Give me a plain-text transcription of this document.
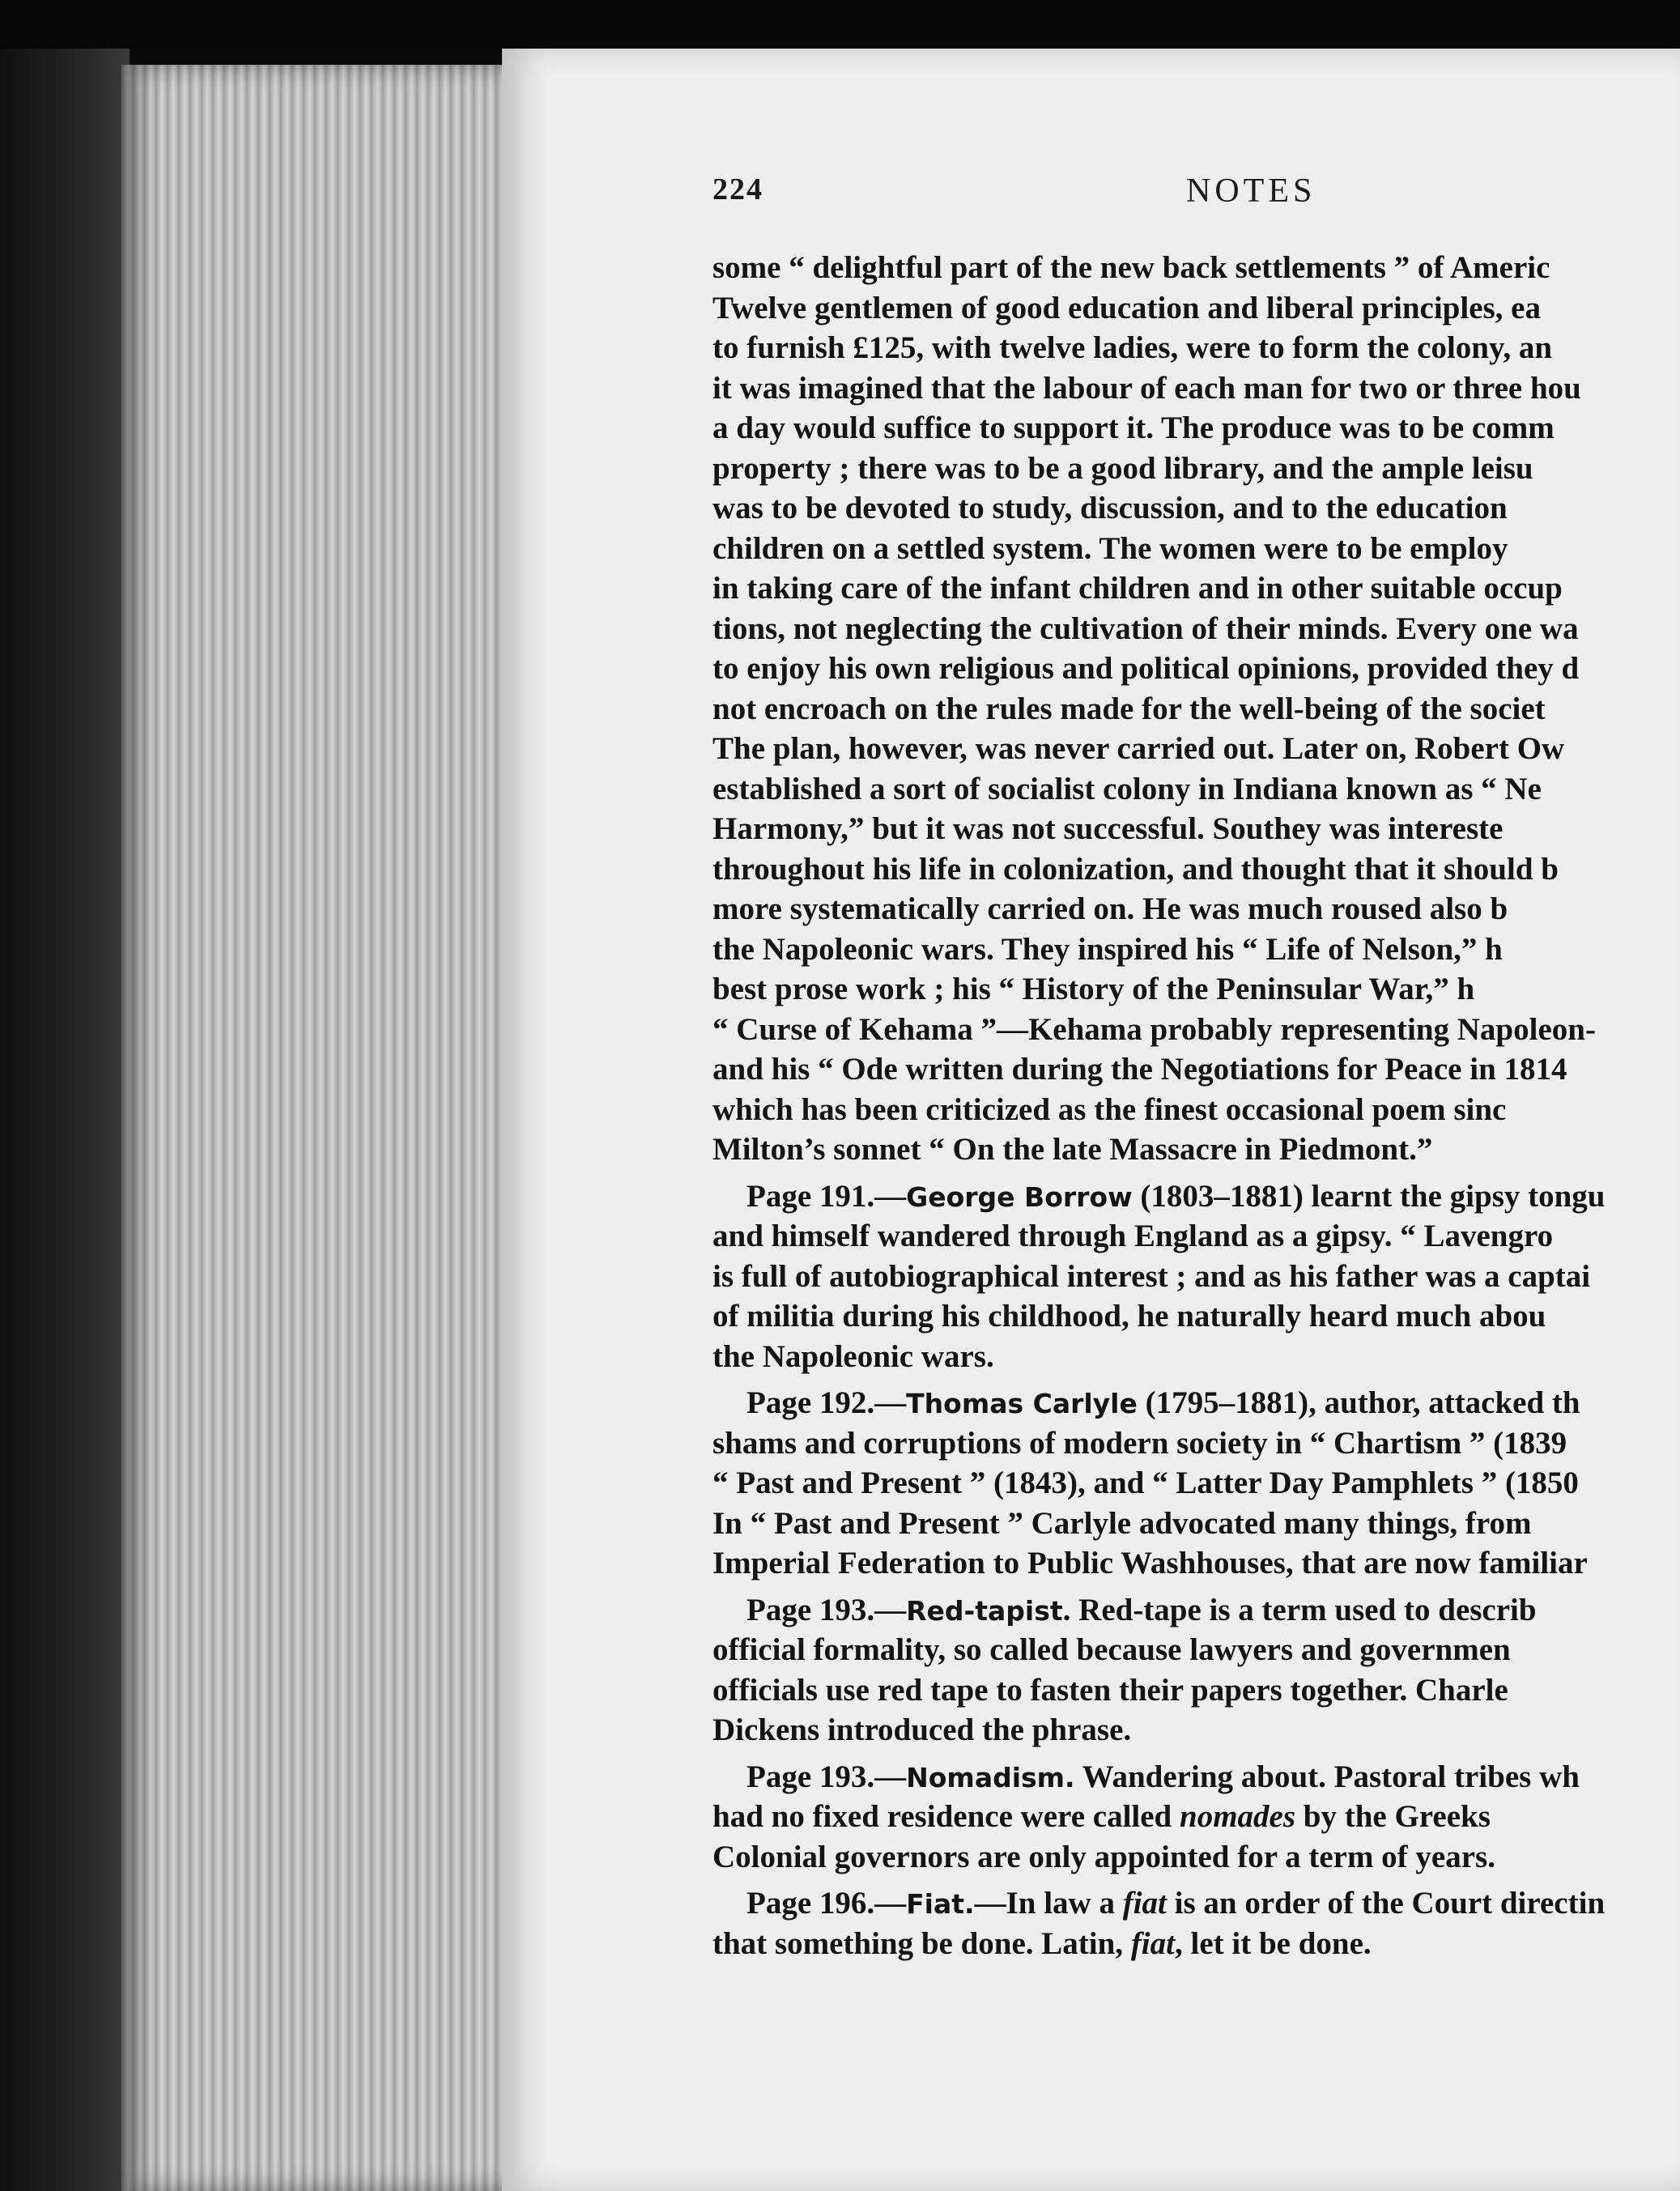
224	NOTES
some “ delightful part of the new back settlements ” of Americ
Twelve gentlemen of good education and liberal principles, ea
to furnish £125, with twelve ladies, were to form the colony, an
it was imagined that the labour of each man for two or three hou
a day would suffice to support it. The produce was to be comm
property ; there was to be a good library, and the ample leisu
was to be devoted to study, discussion, and to the education
children on a settled system. The women were to be employ
in taking care of the infant children and in other suitable occup
tions, not neglecting the cultivation of their minds. Every one wa
to enjoy his own religious and political opinions, provided they d
not encroach on the rules made for the well-being of the societ
The plan, however, was never carried out. Later on, Robert Ow
established a sort of socialist colony in Indiana known as “ Ne
Harmony,” but it was not successful. Southey was intereste
throughout his life in colonization, and thought that it should b
more systematically carried on. He was much roused also b
the Napoleonic wars. They inspired his “ Life of Nelson,” h
best prose work ; his “ History of the Peninsular War,” h
“ Curse of Kehama ”—Kehama probably representing Napoleon-
and his “ Ode written during the Negotiations for Peace in 1814
which has been criticized as the finest occasional poem sinc
Milton’s sonnet “ On the late Massacre in Piedmont.”
Page 191.—George Borrow (1803–1881) learnt the gipsy tongu
and himself wandered through England as a gipsy. “ Lavengro
is full of autobiographical interest ; and as his father was a captai
of militia during his childhood, he naturally heard much abou
the Napoleonic wars.
Page 192.—Thomas Carlyle (1795–1881), author, attacked th
shams and corruptions of modern society in “ Chartism ” (1839
“ Past and Present ” (1843), and “ Latter Day Pamphlets ” (1850
In “ Past and Present ” Carlyle advocated many things, from
Imperial Federation to Public Washhouses, that are now familiar
Page 193.—Red-tapist. Red-tape is a term used to describ
official formality, so called because lawyers and governmen
officials use red tape to fasten their papers together. Charle
Dickens introduced the phrase.
Page 193.—Nomadism. Wandering about. Pastoral tribes wh
had no fixed residence were called nomades by the Greeks
Colonial governors are only appointed for a term of years.
Page 196.—Fiat.—In law a fiat is an order of the Court directin
that something be done. Latin, fiat, let it be done.
